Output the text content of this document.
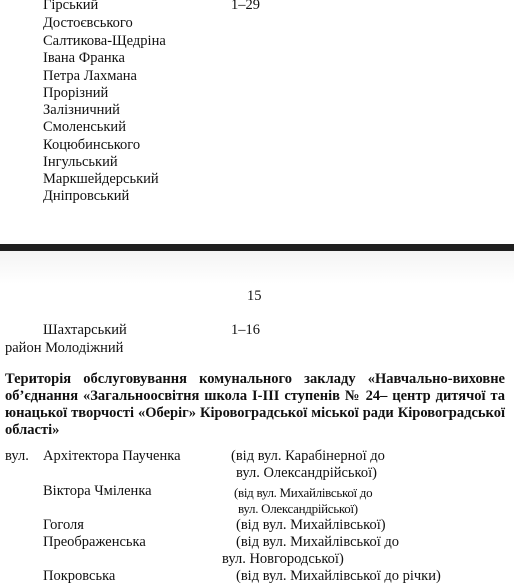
Гірський	1–29
Достоєвського
Салтикова-Щедріна
Івана Франка
Петра Лахмана
Прорізний
Залізничний
Смоленський
Коцюбинського
Інгульський
Маркшейдерський
Дніпровський
15
Шахтарський	1–16
район Молодіжний
Територія обслуговування комунального закладу «Навчально-виховне об’єднання «Загальноосвітня школа І-ІІІ ступенів № 24– центр дитячої та юнацької творчості «Оберіг» Кіровоградської міської ради Кіровоградської області»
вул. Архітектора Паученка	(від вул. Карабінерної до
вул. Олександрійської)
Віктора Чміленка	(від вул. Михайлівської до
вул. Олександрійської)
Гоголя	(від вул. Михайлівської)
Преображенська	(від вул. Михайлівської до
вул. Новгородської)
Покровська	(від вул. Михайлівської до річки)
